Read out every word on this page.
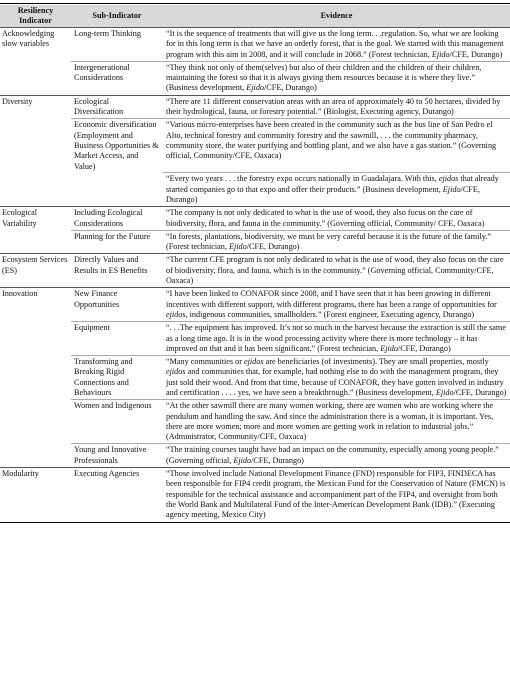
Resiliency Indicator	Sub-Indicator	Evidence
Acknowledging slow variables	Long-term Thinking	“It is the sequence of treatments that will give us the long term. . .regulation. So, what we are looking for in this long term is that we have an orderly forest, that is the goal. We started with this management program with this aim in 2008, and it will conclude in 2068.” (Forest technician, Ejido/CFE, Durango)
	Intergenerational Considerations	“They think not only of them(selves) but also of their children and the children of their children, maintaining the forest so that it is always giving them resources because it is where they live.” (Business development, Ejido/CFE, Durango)
Diversity	Ecological Diversification	“There are 11 different conservation areas with an area of approximately 40 to 50 hectares, divided by their hydrological, fauna, or forestry potential.” (Biologist, Executing agency, Durango)
	Economic diversification (Employment and Business Opportunities & Market Access, and Value)	“Various micro-enterprises have been created in the community such as the bus line of San Pedro el Alto, technical forestry and community forestry and the sawmill, . . . the community pharmacy, community store, the water purifying and bottling plant, and we also have a gas station.” (Governing official, Community/CFE, Oaxaca)
		“Every two years . . . the forestry expo occurs nationally in Guadalajara. With this, ejidos that already started companies go to that expo and offer their products.” (Business development, Ejido/CFE, Durango)
Ecological Variability	Including Ecological Considerations	“The company is not only dedicated to what is the use of wood, they also focus on the care of biodiversity, flora, and fauna in the community.” (Governing official, Community/ CFE, Oaxaca)
	Planning for the Future	“In forests, plantations, biodiversity, we must be very careful because it is the future of the family.” (Forest technician, Ejido/CFE, Durango)
Ecosystem Services (ES)	Directly Values and Results in ES Benefits	“The current CFE program is not only dedicated to what is the use of wood, they also focus on the care of biodiversity, flora, and fauna, which is in the community.” (Governing official, Community/CFE, Oaxaca)
Innovation	New Finance Opportunities	“I have been linked to CONAFOR since 2008, and I have seen that it has been growing in different incentives with different support, with different programs, there has been a range of opportunities for ejidos, indigenous communities, smallholders.” (Forest engineer, Executing agency, Durango)
	Equipment	“. . .The equipment has improved. It’s not so much in the harvest because the extraction is still the same as a long time ago. It is in the wood processing activity where there is more technology – it has improved on that and it has been significant.” (Forest technician, Ejido/CFE, Durango)
	Transforming and Breaking Rigid Connections and Behaviours	“Many communities or ejidos are beneficiaries (of investments). They are small properties, mostly ejidos and communities that, for example, had nothing else to do with the management program, they just sold their wood. And from that time, because of CONAFOR, they have gotten involved in industry and certification . . . . yes, we have seen a breakthrough.” (Business development, Ejido/CFE, Durango)
	Women and Indigenous	“At the other sawmill there are many women working, there are women who are working where the pendulum and handling the saw. And since the administration there is a woman, it is important. Yes, there are more women; more and more women are getting work in relation to industrial jobs.” (Administrator, Community/CFE, Oaxaca)
	Young and Innovative Professionals	“The training courses taught have had an impact on the community, especially among young people.” (Governing official, Ejido/CFE, Durango)
Modularity	Executing Agencies	“Those involved include National Development Finance (FND) responsible for FIP3, FINDECA has been responsible for FIP4 credit program, the Mexican Fund for the Conservation of Nature (FMCN) is responsible for the technical assistance and accompaniment part of the FIP4, and oversight from both the World Bank and Multilateral Fund of the Inter-American Development Bank (IDB).” (Executing agency meeting, Mexico City)
